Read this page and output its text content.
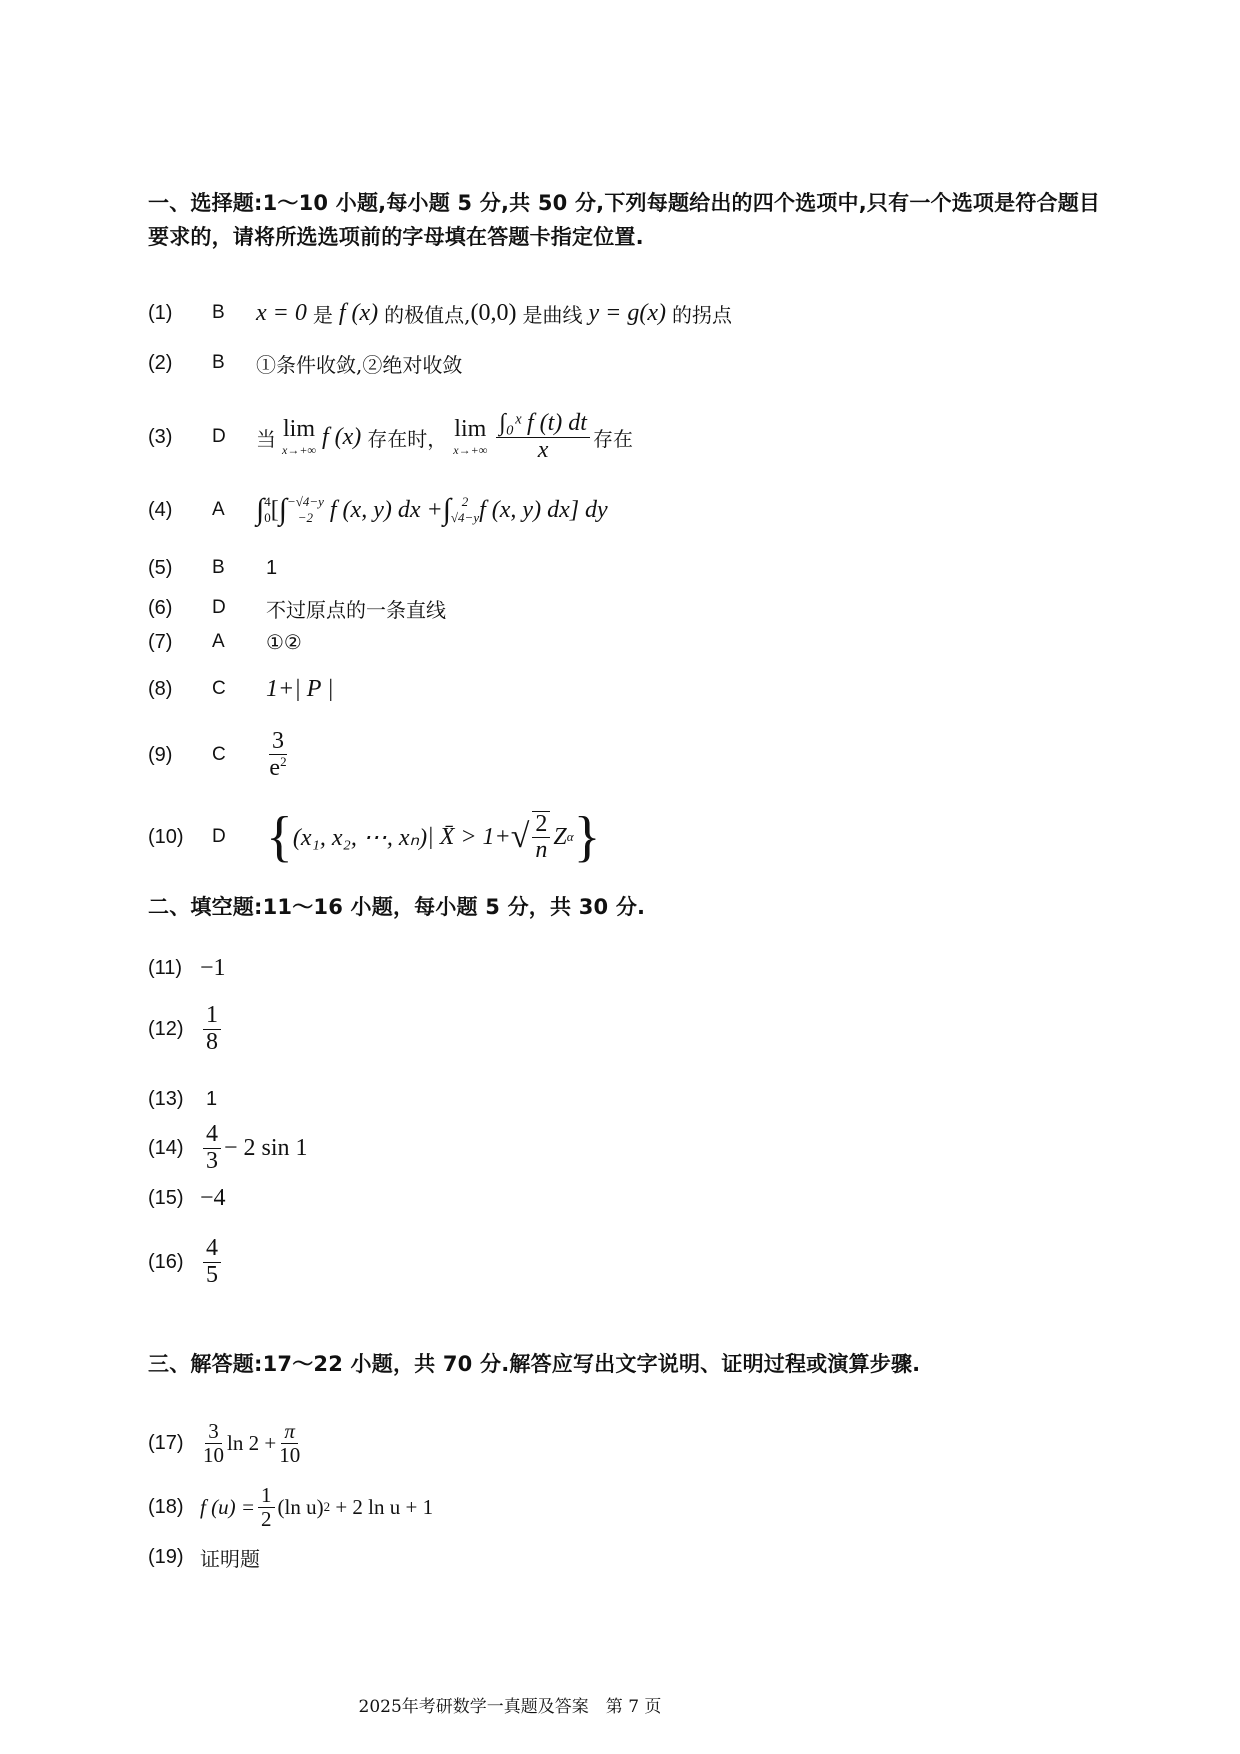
一、选择题:1～10 小题,每小题 5 分,共 50 分,下列每题给出的四个选项中,只有一个选项是符合题目
要求的，请将所选选项前的字母填在答题卡指定位置.
(1)	B	x = 0
是
f (x)
的极值点, (0,0)
是曲线
y = g(x)
的拐点
(2)	B	①条件收敛,②绝对收敛
(3)	D	当 lim
x→+∞
f (x)
存在时， lim
$x\to+\infty \frac{\text{∫₀ˣ f (t) dt}}{x}$ 存在
(4)	A	∫ 4
0 [ ∫ −√4−y
−2
f (x, y) dx + ∫ 2
√4−y f (x, y) dx] dy
(5)	B	1
(6)	D	不过原点的一条直线
(7)	A	①②
(8)	C	1+| P |
(9)	C	$\frac{3}{e^2}$
(10)	D { (x₁, x₂, ⋯, xₙ) | X̄ > 1+ √ $\frac{2}{n}$ Z α }
二、填空题:11～16 小题，每小题 5 分，共 30 分.
(11) −1
$(12) \frac{1}{8}$
(13)	1
$(14) \frac{4}{3} - 2$ sin 1
(15) −4
$(16) \frac{4}{5}$
三、解答题:17～22 小题，共 70 分.解答应写出文字说明、证明过程或演算步骤.
$(17) \frac{3}{10}$ $\ln 2 + \frac{\pi}{10}$
(18) f $(u) = \frac{1}{2} (\ln$ u) 2
+ 2 ln u + 1
(19) 证明题
2025年考研数学一真题及答案　第 7 页
